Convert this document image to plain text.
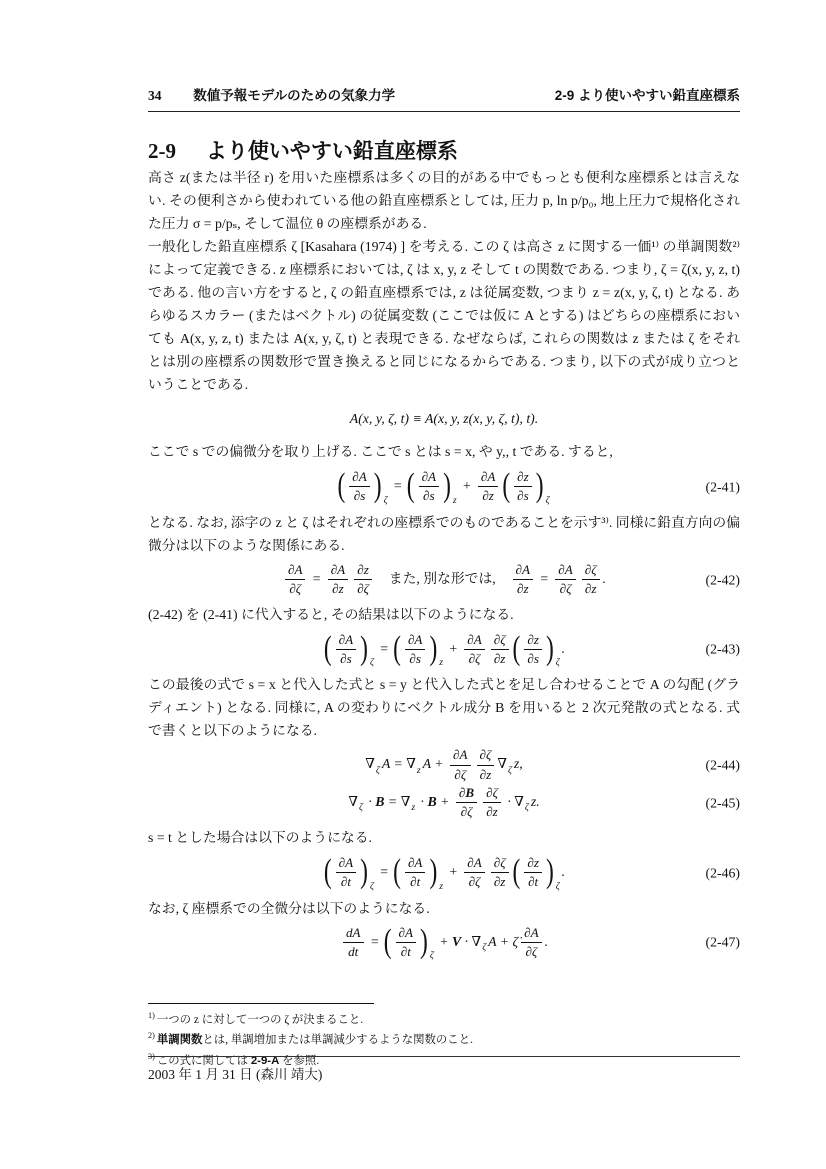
34 数値予報モデルのための気象力学	2-9 より使いやすい鉛直座標系
2-9 より使いやすい鉛直座標系

高さ z(または半径 r) を用いた座標系は多くの目的がある中でもっとも便利な座標系とは言えない. その便利さから使われている他の鉛直座標系としては, 圧力 p, ln p/p₀, 地上圧力で規格化された圧力 σ = p/pₛ, そして温位 θ の座標系がある.

一般化した鉛直座標系 ζ [Kasahara (1974) ] を考える. この ζ は高さ z に関する一価¹⁾ の単調関数²⁾ によって定義できる. z 座標系においては, ζ は x, y, z そして t の関数である. つまり, ζ = ζ(x, y, z, t) である. 他の言い方をすると, ζ の鉛直座標系では, z は従属変数, つまり z = z(x, y, ζ, t) となる. あらゆるスカラー (またはベクトル) の従属変数 (ここでは仮に A とする) はどちらの座標系においても A(x, y, z, t) または A(x, y, ζ, t) と表現できる. なぜならば, これらの関数は z または ζ をそれとは別の座標系の関数形で置き換えると同じになるからである. つまり, 以下の式が成り立つということである.

A(x, y, ζ, t) ≡ A(x, y, z(x, y, ζ, t), t).

ここで s での偏微分を取り上げる. ここで s とは s = x, や y,, t である. すると,

( $\frac{\partial A}{\partial s}$ ) ζ
= ( $\frac{\partial A}{\partial s}$ ) z
+ $\frac{\partial A}{\partial z}$ ( $\frac{\partial z}{\partial s}$ ) ζ
(2-41)

となる. なお, 添字の z と ζ はそれぞれの座標系でのものであることを示す³⁾. 同様に鉛直方向の偏微分は以下のような関係にある.

$\frac{\partial A}{\partial\zeta} = \frac{\partial A}{\partial z} \frac{\partial z}{\partial\zeta}$ 　また, 別な形では,　 $\frac{\partial A}{\partial z} = \frac{\partial A}{\partial\zeta} \frac{\partial\zeta}{\partial z}$ .	(2-42)

(2-42) を (2-41) に代入すると, その結果は以下のようになる.

( $\frac{\partial A}{\partial s}$ ) ζ
= ( $\frac{\partial A}{\partial s}$ ) z
+ $\frac{\partial A}{\partial\zeta} \frac{\partial\zeta}{\partial z}$ ( $\frac{\partial z}{\partial s}$ ) ζ
.	(2-43)

この最後の式で s = x と代入した式と s = y と代入した式とを足し合わせることで A の勾配 (グラディエント) となる. 同様に, A の変わりにベクトル成分 B を用いると 2 次元発散の式となる. 式で書くと以下のようになる.

$\nabla_\zeta$ $A = \nabla_z$ $A + \frac{\partial A}{\partial\zeta} \frac{\partial\zeta}{\partial z} \nabla_\zeta$ z,	(2-44)
$\nabla_\zeta \cdot B = \nabla_z \cdot B + \frac{\partial B}{\partial\zeta} \frac{\partial\zeta}{\partial z} \cdot \nabla_\zeta$ z.	(2-45)

s = t とした場合は以下のようになる.

( $\frac{\partial A}{\partial t}$ ) ζ
= ( $\frac{\partial A}{\partial t}$ ) z
+ $\frac{\partial A}{\partial\zeta} \frac{\partial\zeta}{\partial z}$ ( $\frac{\partial z}{\partial t}$ ) ζ
.	(2-46)

なお, ζ 座標系での全微分は以下のようになる.

$\frac{dA}{dt}$ = ( $\frac{\partial A}{\partial t}$ ) ζ
+ $V \cdot \nabla_\zeta$ A + ζ̇ $\frac{\partial A}{\partial\zeta}$ .	(2-47)
$^{1)}$ 一つの z に対して一つの ζ が決まること.
$^{2)}$ 単調関数とは, 単調増加または単調減少するような関数のこと.
$^{3)}$ この式に関しては 2-9-A を参照.
2003 年 1 月 31 日 (森川 靖大)
